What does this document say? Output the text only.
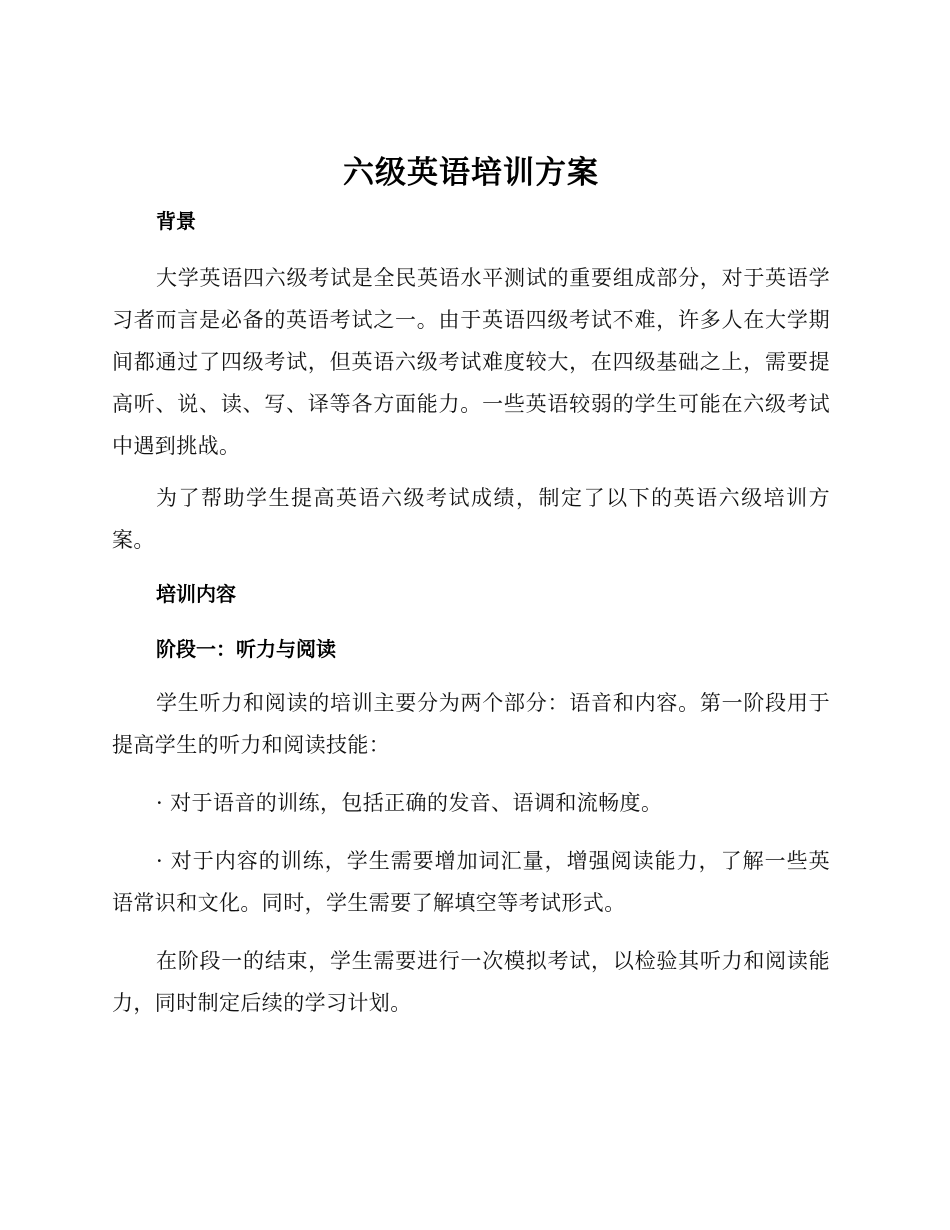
六级英语培训方案
背景

大学英语四六级考试是全民英语水平测试的重要组成部分，对于英语学习者而言是必备的英语考试之一。由于英语四级考试不难，许多人在大学期间都通过了四级考试，但英语六级考试难度较大，在四级基础之上，需要提高听、说、读、写、译等各方面能力。一些英语较弱的学生可能在六级考试中遇到挑战。

为了帮助学生提高英语六级考试成绩，制定了以下的英语六级培训方案。

培训内容
阶段一：听力与阅读

学生听力和阅读的培训主要分为两个部分：语音和内容。第一阶段用于提高学生的听力和阅读技能：

· 对于语音的训练，包括正确的发音、语调和流畅度。

· 对于内容的训练，学生需要增加词汇量，增强阅读能力，了解一些英语常识和文化。同时，学生需要了解填空等考试形式。

在阶段一的结束，学生需要进行一次模拟考试，以检验其听力和阅读能力，同时制定后续的学习计划。
